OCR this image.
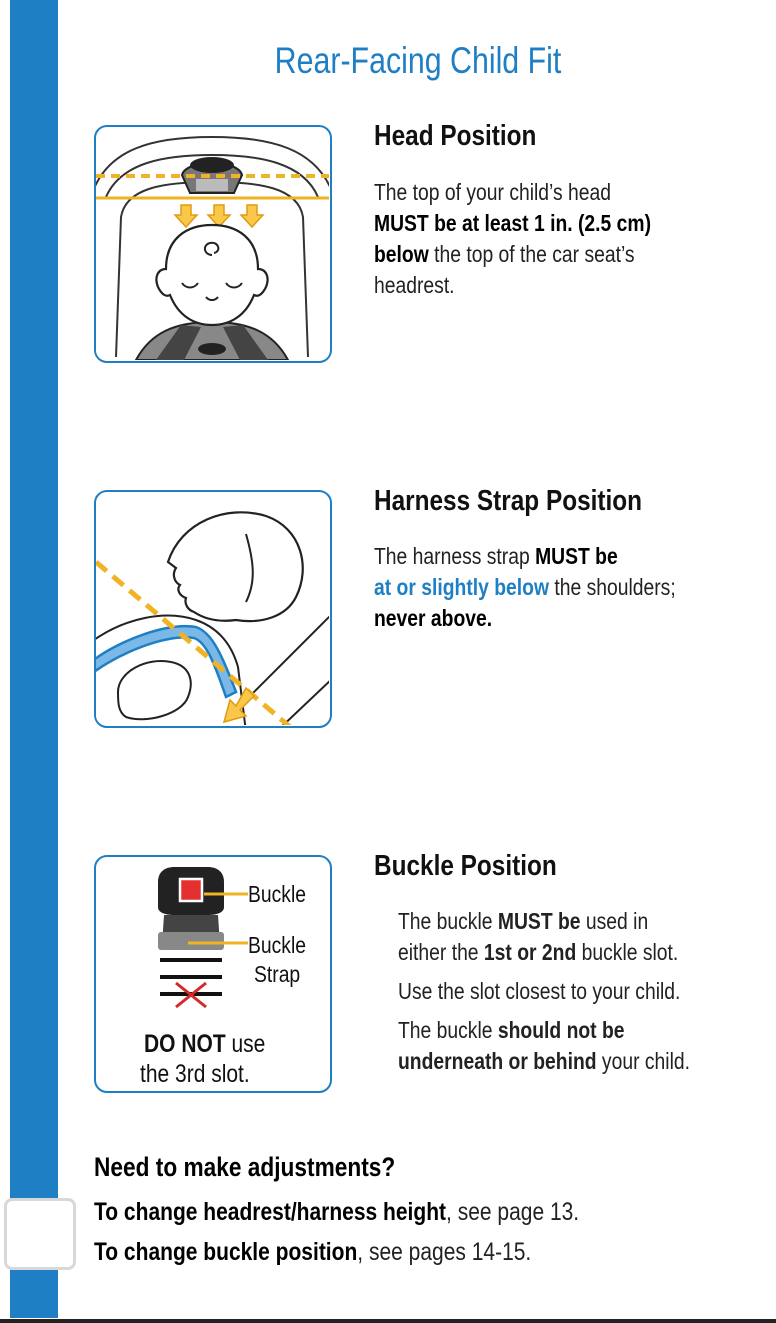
Rear-Facing Child Fit
Head Position
The top of your child’s head
MUST be at least 1 in. (2.5 cm)
below the top of the car seat’s
headrest.
Harness Strap Position
The harness strap MUST be
at or slightly below the shoulders;
never above.
Buckle
Buckle
Strap
DO NOT use
the 3rd slot.
Buckle Position

The buckle MUST be used in
either the 1st or 2nd buckle slot.

Use the slot closest to your child.

The buckle should not be
underneath or behind your child.

Need to make adjustments?
To change headrest/harness height, see page 13.
To change buckle position, see pages 14-15.
